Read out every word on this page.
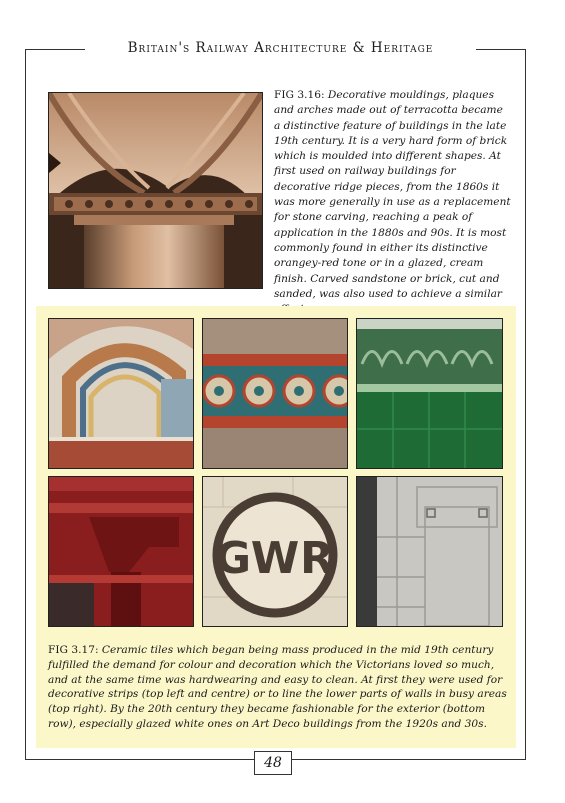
Britain's Railway Architecture & Heritage
FIG 3.16: Decorative mouldings, plaques and arches made out of terracotta became a distinctive feature of buildings in the late 19th century. It is a very hard form of brick which is moulded into different shapes. At first used on railway buildings for decorative ridge pieces, from the 1860s it was more generally in use as a replacement for stone carving, reaching a peak of application in the 1880s and 90s. It is most commonly found in either its distinctive orangey-red tone or in a glazed, cream finish. Carved sandstone or brick, cut and sanded, was also used to achieve a similar
G W R
FIG 3.17: Ceramic tiles which began being mass produced in the mid 19th century fulfilled the demand for colour and decoration which the Victorians loved so much, and at the same time was hardwearing and easy to clean. At first they were used for decorative strips (top left and centre) or to line the lower parts of walls in busy areas (top right). By the 20th century they became fashionable for the exterior (bottom row), especially glazed white ones on Art Deco buildings from the 1920s and 30s.
48
